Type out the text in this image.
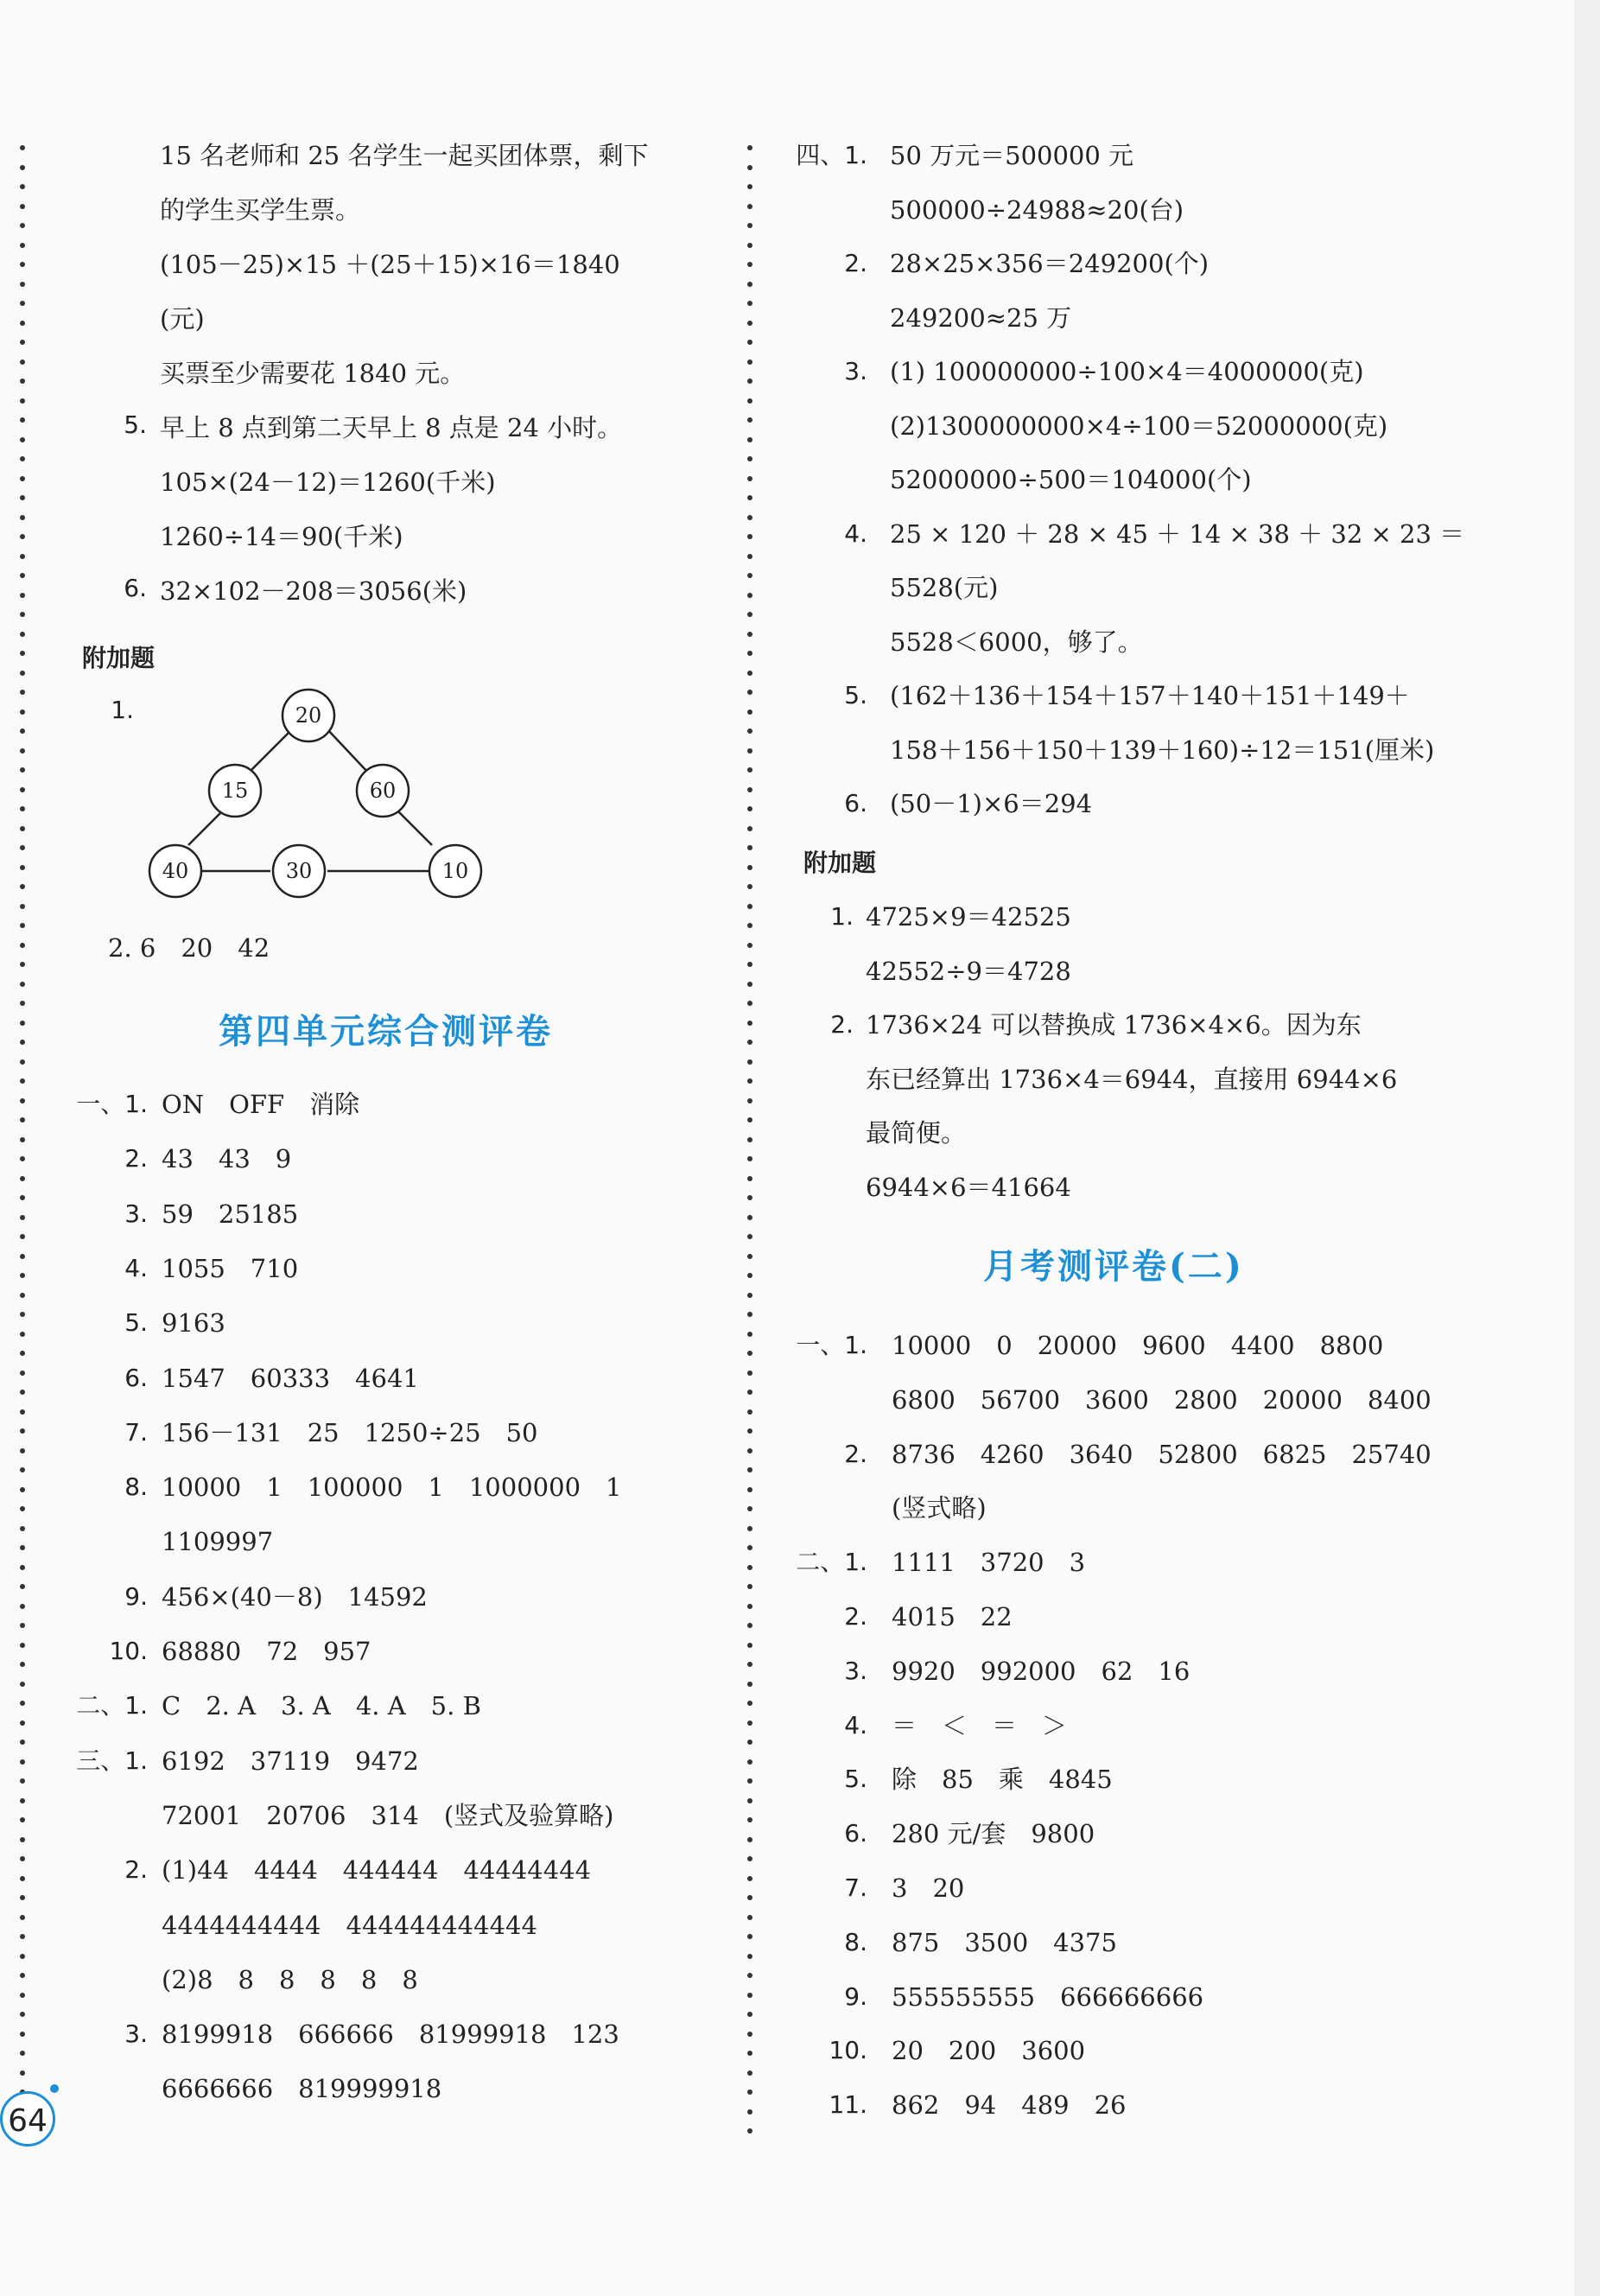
15 名老师和 25 名学生一起买团体票，剩下
的学生买学生票。
(105－25)×15 ＋(25＋15)×16＝1840
(元)
买票至少需要花 1840 元。
5. 早上 8 点到第二天早上 8 点是 24 小时。
105×(24－12)＝1260(千米)
1260÷14＝90(千米)
6. 32×102－208＝3056(米)
附加题
1.	20
15	60
40	30	10
2. 6　20　42
第四单元综合测评卷
一、1. ON　OFF　消除
2. 43　43　9
3. 59　25185
4. 1055　710
5. 9163
6. 1547　60333　4641
7. 156－131　25　1250÷25　50
8. 10000　1　100000　1　1000000　1
1109997
9. 456×(40－8)　14592
10. 68880　72　957
二、1. C　2. A　3. A　4. A　5. B
三、1. 6192　37119　9472
72001　20706　314　(竖式及验算略)
2. (1)44　4444　444444　44444444
4444444444　444444444444
(2)8　8　8　8　8　8
3. 8199918　666666　81999918　123
6666666　819999918
四、1. 50 万元＝500000 元
500000÷24988≈20(台)
2. 28×25×356＝249200(个)
249200≈25 万
3. (1) 100000000÷100×4＝4000000(克)
(2)1300000000×4÷100＝52000000(克)
52000000÷500＝104000(个)
4. 25 × 120 ＋ 28 × 45 ＋ 14 × 38 ＋ 32 × 23 ＝
5528(元)
5528＜6000，够了。
5. (162＋136＋154＋157＋140＋151＋149＋
158＋156＋150＋139＋160)÷12＝151(厘米)
6. (50－1)×6＝294
附加题
1. 4725×9＝42525
42552÷9＝4728
2. 1736×24 可以替换成 1736×4×6。因为东
东已经算出 1736×4＝6944，直接用 6944×6
最简便。
6944×6＝41664
月考测评卷(二)
一、1. 10000　0　20000　9600　4400　8800
6800　56700　3600　2800　20000　8400
2. 8736　4260　3640　52800　6825　25740
(竖式略)
二、1. 1111　3720　3
2. 4015　22
3. 9920　992000　62　16
4. ＝　＜　＝　＞
5. 除　85　乘　4845
6. 280 元/套　9800
7. 3　20
8. 875　3500　4375
9. 555555555　666666666
10. 20　200　3600
11. 862　94　489　26
64
